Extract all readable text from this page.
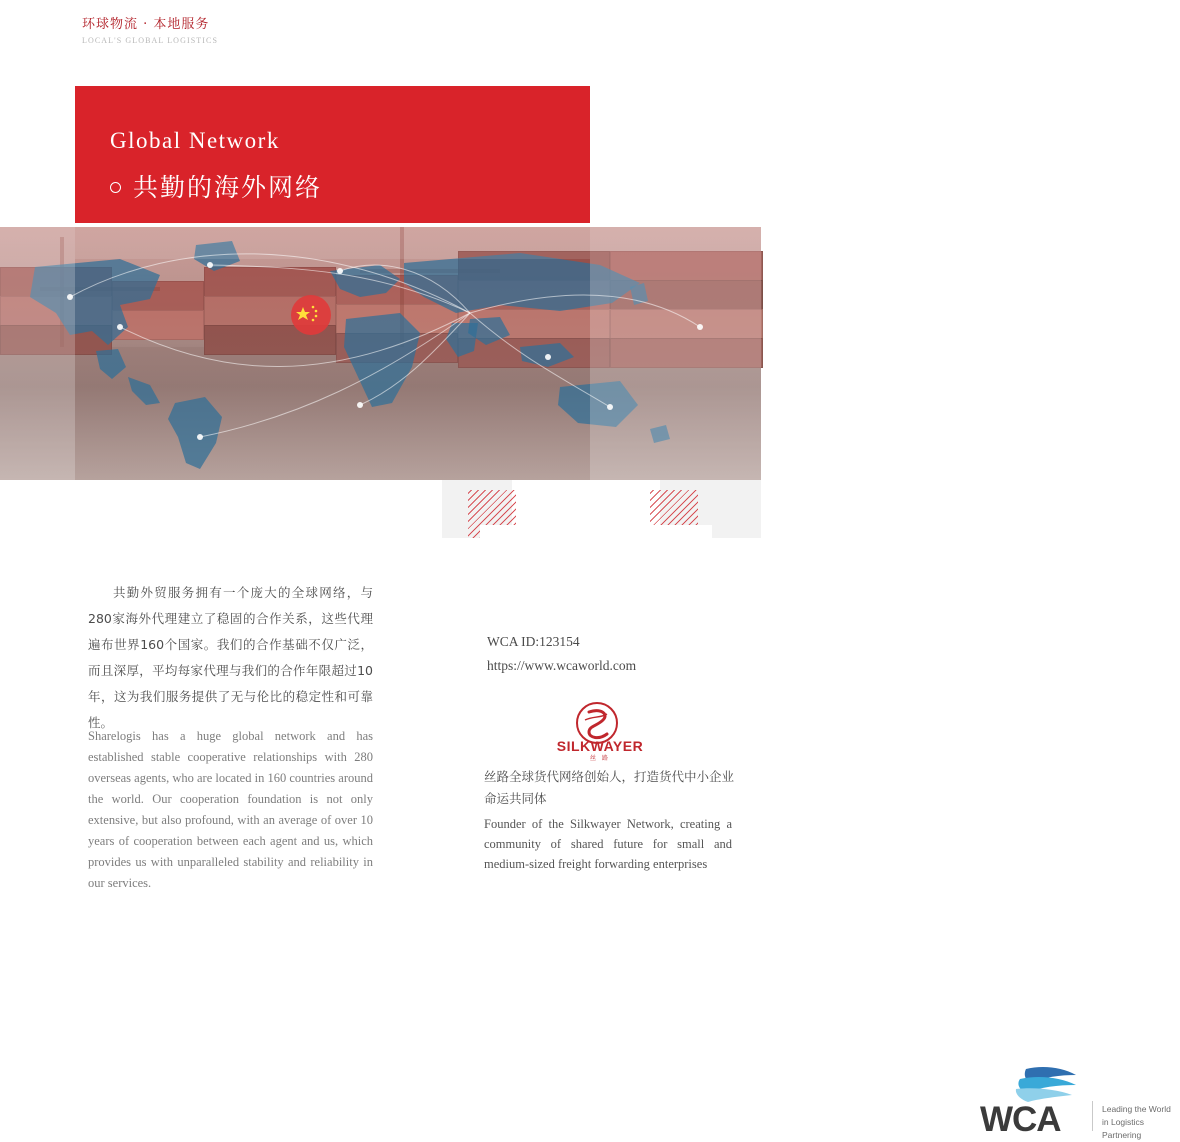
环球物流 · 本地服务
LOCAL'S GLOBAL LOGISTICS
Global Network
共勤的海外网络
共勤外贸服务拥有一个庞大的全球网络，与280家海外代理建立了稳固的合作关系，这些代理遍布世界160个国家。我们的合作基础不仅广泛，而且深厚，平均每家代理与我们的合作年限超过10年，这为我们服务提供了无与伦比的稳定性和可靠性。
Sharelogis has a huge global network and has established stable cooperative relationships with 280 overseas agents, who are located in 160 countries around the world. Our cooperation foundation is not only extensive, but also profound, with an average of over 10 years of cooperation between each agent and us, which provides us with unparalleled stability and reliability in our services.
WCA	Leading the World
in Logistics Partnering
WCA ID:123154
https://www.wcaworld.com
SILKWAYER
丝 路
丝路全球货代网络创始人，打造货代中小企业命运共同体
Founder of the Silkwayer Network, creating a community of shared future for small and medium-sized freight forwarding enterprises
